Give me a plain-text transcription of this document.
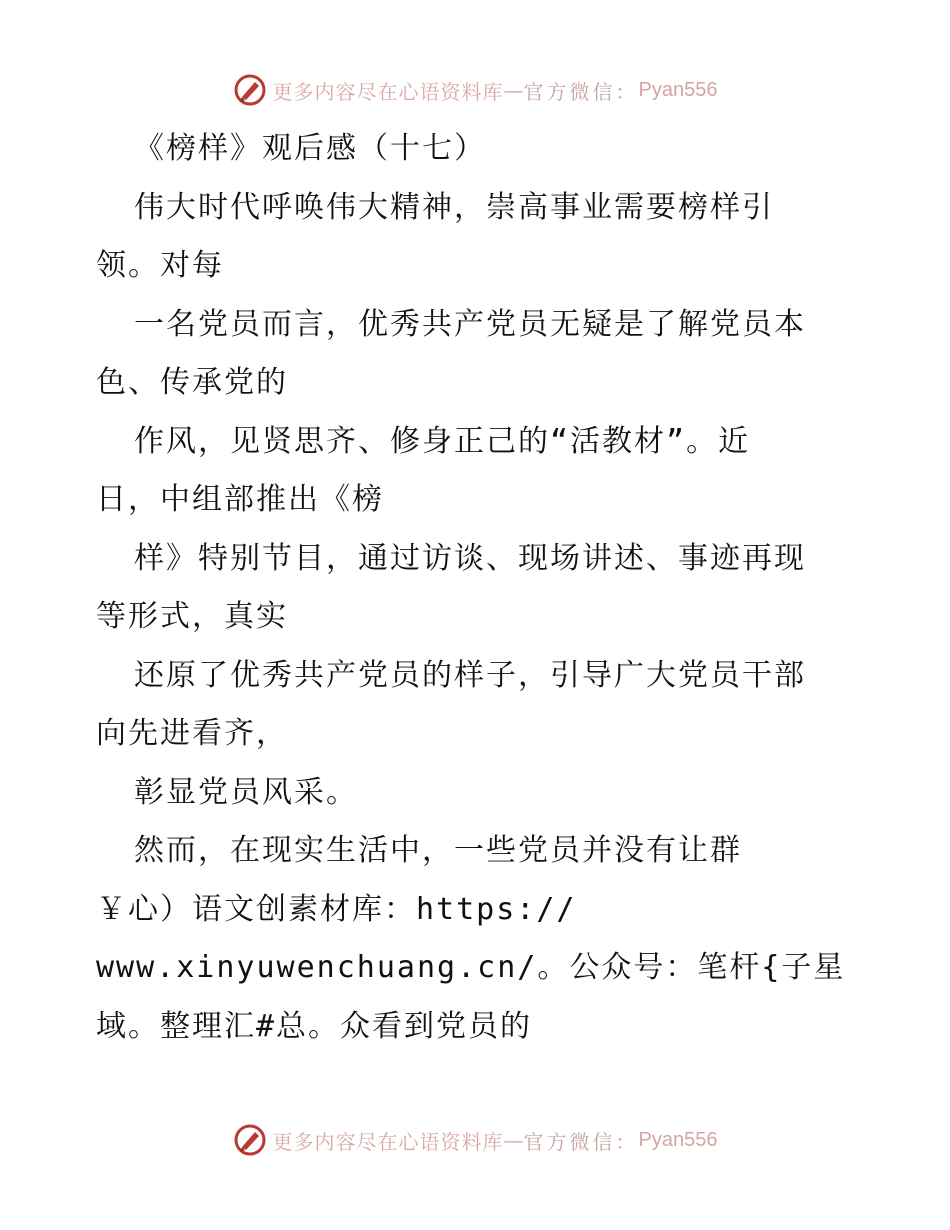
更多内容尽在心语资料库 — 官方微信： Pyan556
《榜样》观后感（十七）
伟大时代呼唤伟大精神，崇高事业需要榜样引
领。对每
一名党员而言，优秀共产党员无疑是了解党员本
色、传承党的
作风，见贤思齐、修身正己的“活教材”。近
日，中组部推出《榜
样》特别节目，通过访谈、现场讲述、事迹再现
等形式，真实
还原了优秀共产党员的样子，引导广大党员干部
向先进看齐，
彰显党员风采。
然而，在现实生活中，一些党员并没有让群
￥心）语文创素材库：https://
www.xinyuwenchuang.cn/。公众号：笔杆{子星
域。整理汇#总。众看到党员的
更多内容尽在心语资料库 — 官方微信： Pyan556
